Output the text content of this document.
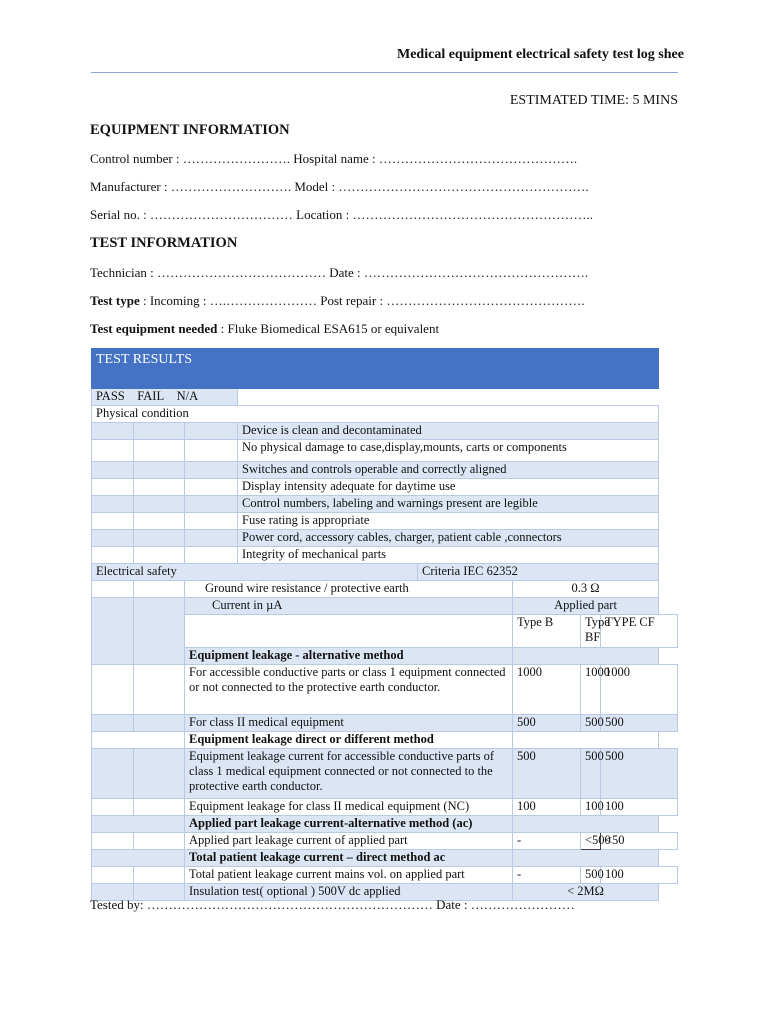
Medical equipment electrical safety test log shee
ESTIMATED TIME: 5 MINS
EQUIPMENT INFORMATION
Control number : ……………………. Hospital name : ……………………………………….
Manufacturer : ………………………. Model : ………………………………………………….
Serial no. : …………………………… Location : ………………………………………………..
TEST INFORMATION
Technician : ………………………………… Date : …………………………………………….
Test type : Incoming : ….………………… Post repair : ……………………………………….
Test equipment needed : Fluke Biomedical ESA615 or equivalent
TEST RESULTS							
PASS FAIL N/A							
Physical condition							
			Device is clean and decontaminated				
			No physical damage to case,display,mounts, carts or components				
			Switches and controls operable and correctly aligned				
			Display intensity adequate for daytime use				
			Control numbers, labeling and warnings present are legible				
			Fuse rating is appropriate				
			Power cord, accessory cables, charger, patient cable ,connectors				
			Integrity of mechanical parts				
Electrical safety				Criteria IEC 62352			
		Ground wire resistance / protective earth			0.3 Ω		
		Current in µA			Applied part		
					Type B	Type BF	TYPE CF
		Equipment leakage - alternative method					
		For accessible conductive parts or class 1 equipment connected or not connected to the protective earth conductor.			1000	1000	1000
		For class II medical equipment			500	500	500
		Equipment leakage direct or different method					
		Equipment leakage current for accessible conductive parts of class 1 medical equipment connected or not connected to the protective earth conductor.			500	500	500
		Equipment leakage for class II medical equipment (NC)			100	100	100
		Applied part leakage current-alternative method (ac)					
		Applied part leakage current of applied part			-	<500	<50
		Total patient leakage current – direct method ac					
		Total patient leakage current mains vol. on applied part			-	500	100
		Insulation test( optional ) 500V dc applied			< 2MΩ		
Tested by: ………………………………………………………… Date : ……………………
